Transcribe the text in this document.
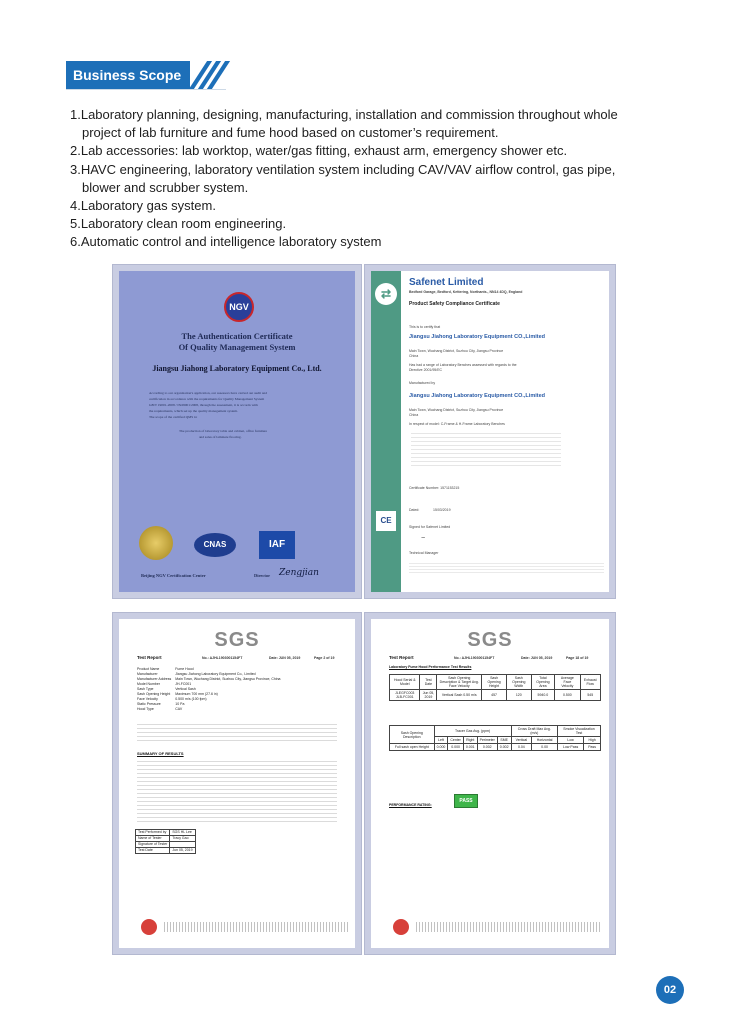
Business Scope

1.Laboratory planning, designing, manufacturing, installation and commission throughout whole

project of lab furniture and fume hood based on customer’s requirement.

2.Lab accessories: lab worktop, water/gas fitting, exhaust arm, emergency shower etc.

3.HAVC engineering, laboratory ventilation system including CAV/VAV airflow control, gas pipe,

blower and scrubber system.

4.Laboratory gas system.

5.Laboratory clean room engineering.

6.Automatic control and intelligence laboratory system

NGV
The Authentication Certificate
Of Quality Management System
Jiangsu Jiahong Laboratory Equipment Co., Ltd.
According to our organization's application, our assessors have carried out audit and
certification in accordance with the requirements for Quality Management System
GB/T 19001-2008 / ISO9001:2008, through the assessment, it is accords with
the requirements, which set up the quality management system.
The scope of the certified QMS is:
The production of laboratory table and cabinet, office furniture
and sales of laminate flooring.
CNAS	IAF
Beijing NGV Certification Center	Director Zengjian
⇄
CE
Safenet Limited
Bedford Garage, Bedford, Kettering, Northants., NN14 4DQ, England
Product Safety Compliance Certificate
This is to certify that
Jiangsu Jiahong Laboratory Equipment CO.,Limited
Main Town, Wuchang District, Suzhou City, Jiangsu Province
China
Has had a range of Laboratory Benches assessed with regards to the
Directive 2001/95/EC
Manufactured by
Jiangsu Jiahong Laboratory Equipment CO.,Limited
Main Town, Wuchang District, Suzhou City, Jiangsu Province
China
In respect of model: C-Frame & H-Frame Laboratory Benches
Certificate Number: 1571153215
Dated:	15/03/2019
Signed for Safenet Limited
~
Technical Manager
SGS
Test Report	No.: AJHL1903001154FT	Date: JUN 05, 2019	Page 2 of 19
Product Name	Fume Hood
Manufacturer	Jiangsu Jiahong Laboratory Equipment Co., Limited
Manufacturer Address	Main Town, Wuchang District, Suzhou City, Jiangsu Province, China
Model Number	JH-FC001
Sash Type	Vertical Sash
Sash Opening Height	Maximum 700 mm (27.6 in)
Face Velocity	0.500 m/s (100 fpm)
Static Pressure	10 Pa
Hood Type	CAV
SUMMARY OF RESULTS
Test Performed by	SGS HL Lee
Name of Tester	Tracy Gao
Signature of Tester	
Test Date	Jun 05, 2019
SGS
Test Report	No.: AJHL1903001154FT	Date: JUN 05, 2019	Page 18 of 19
Laboratory Fume Hood Performance Test Results
Hood Serial & Model	Test Date	Sash Opening Description & Target Avg. Face Velocity	Sash Opening Height	Sash Opening Width	Total Opening Area	Average Face Velocity	Exhaust Flow
JLEGFC003 JLB-FC001	Jun 05, 2019	Vertical Sash 0.50 m/s	457	120	5940.0	0.500	545
Sash Opening Description	Tracer Gas Avg. (ppm)					Cross Draft Max Avg. (m/s)		Smoke Visualization Test	
	Left	Center	Right	Perimeter	SME	Vertical	Horizontal	Low	High
Full sash open Height	0.000	0.000	0.001	0.002	0.002	0.04	0.00	Low Pass	Pass
PERFORMANCE RATING:
PASS
02
